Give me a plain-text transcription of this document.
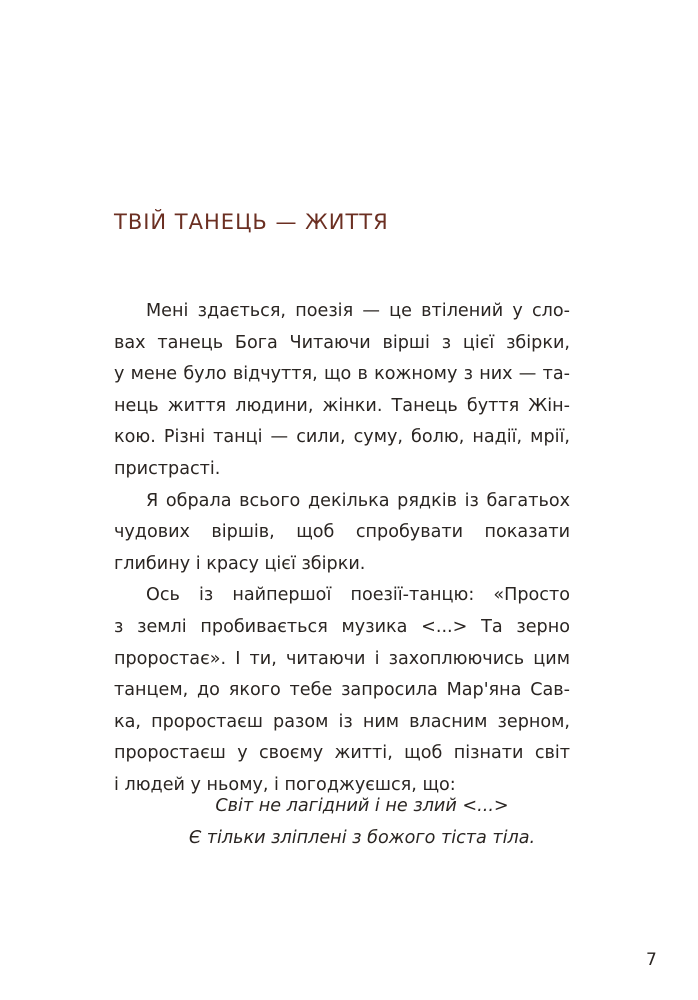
ТВІЙ ТАНЕЦЬ — ЖИТТЯ
Мені здається, поезія — це втілений у сло-
вах танець Бога Читаючи вірші з цієї збірки,
у мене було відчуття, що в кожному з них — та-
нець життя людини, жінки. Танець буття Жін-
кою. Різні танці — сили, суму, болю, надії, мрії,
пристрасті.
Я обрала всього декілька рядків із багатьох
чудових віршів, щоб спробувати показати
глибину і красу цієї збірки.
Ось із найпершої поезії-танцю: «Просто
з землі пробивається музика <...> Та зерно
проростає». І ти, читаючи і захоплюючись цим
танцем, до якого тебе запросила Мар'яна Сав-
ка, проростаєш разом із ним власним зерном,
проростаєш у своєму житті, щоб пізнати світ
і людей у ньому, і погоджуєшся, що:
Світ не лагідний і не злий <...>
Є тільки зліплені з божого тіста тіла.
7
